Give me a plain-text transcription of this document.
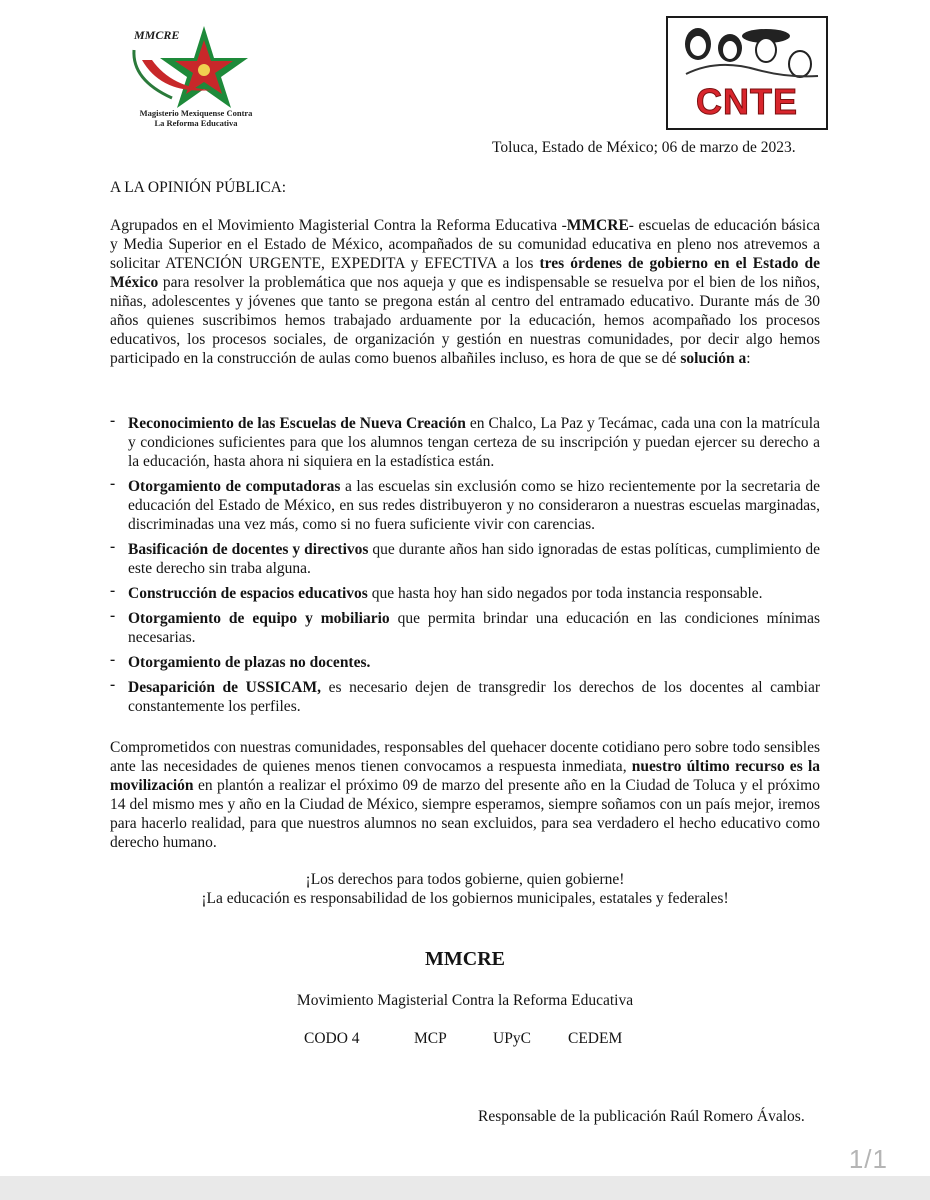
MMCRE
Magisterio Mexiquense Contra
La Reforma Educativa
CNTE
Toluca, Estado de México; 06 de marzo de 2023.
A LA OPINIÓN PÚBLICA:
Agrupados en el Movimiento Magisterial Contra la Reforma Educativa -MMCRE- escuelas de educación básica y Media Superior en el Estado de México, acompañados de su comunidad educativa en pleno nos atrevemos a solicitar ATENCIÓN URGENTE, EXPEDITA y EFECTIVA a los tres órdenes de gobierno en el Estado de México para resolver la problemática que nos aqueja y que es indispensable se resuelva por el bien de los niños, niñas, adolescentes y jóvenes que tanto se pregona están al centro del entramado educativo. Durante más de 30 años quienes suscribimos hemos trabajado arduamente por la educación, hemos acompañado los procesos educativos, los procesos sociales, de organización y gestión en nuestras comunidades, por decir algo hemos participado en la construcción de aulas como buenos albañiles incluso, es hora de que se dé solución a:
- Reconocimiento de las Escuelas de Nueva Creación en Chalco, La Paz y Tecámac, cada una con la matrícula y condiciones suficientes para que los alumnos tengan certeza de su inscripción y puedan ejercer su derecho a la educación, hasta ahora ni siquiera en la estadística están.
- Otorgamiento de computadoras a las escuelas sin exclusión como se hizo recientemente por la secretaria de educación del Estado de México, en sus redes distribuyeron y no consideraron a nuestras escuelas marginadas, discriminadas una vez más, como si no fuera suficiente vivir con carencias.
- Basificación de docentes y directivos que durante años han sido ignoradas de estas políticas, cumplimiento de este derecho sin traba alguna.
- Construcción de espacios educativos que hasta hoy han sido negados por toda instancia responsable.
- Otorgamiento de equipo y mobiliario que permita brindar una educación en las condiciones mínimas necesarias.
- Otorgamiento de plazas no docentes.
- Desaparición de USSICAM, es necesario dejen de transgredir los derechos de los docentes al cambiar constantemente los perfiles.
Comprometidos con nuestras comunidades, responsables del quehacer docente cotidiano pero sobre todo sensibles ante las necesidades de quienes menos tienen convocamos a respuesta inmediata, nuestro último recurso es la movilización en plantón a realizar el próximo 09 de marzo del presente año en la Ciudad de Toluca y el próximo 14 del mismo mes y año en la Ciudad de México, siempre esperamos, siempre soñamos con un país mejor, iremos para hacerlo realidad, para que nuestros alumnos no sean excluidos, para sea verdadero el hecho educativo como derecho humano.
¡Los derechos para todos gobierne, quien gobierne!
¡La educación es responsabilidad de los gobiernos municipales, estatales y federales!
MMCRE
Movimiento Magisterial Contra la Reforma Educativa
CODO 4	MCP	UPyC CEDEM
Responsable de la publicación Raúl Romero Ávalos.
1/1
